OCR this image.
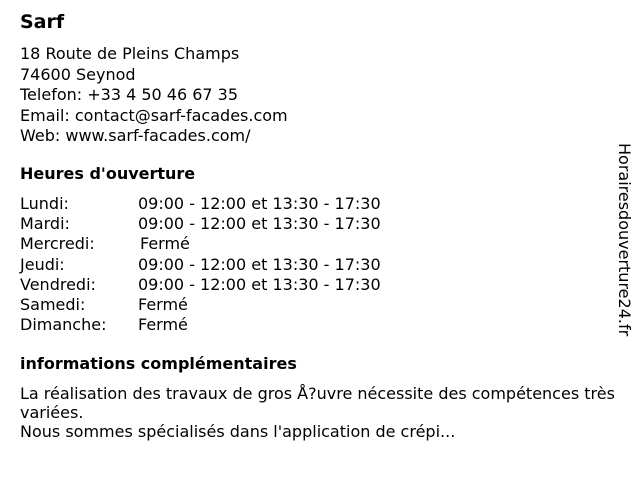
Sarf
18 Route de Pleins Champs
74600 Seynod
Telefon: +33 4 50 46 67 35
Email: contact@sarf-facades.com
Web: www.sarf-facades.com/
Heures d'ouverture
Lundi:	09:00 - 12:00 et 13:30 - 17:30
Mardi:	09:00 - 12:00 et 13:30 - 17:30
Mercredi:	Fermé
Jeudi:	09:00 - 12:00 et 13:30 - 17:30
Vendredi:	09:00 - 12:00 et 13:30 - 17:30
Samedi:	Fermé
Dimanche: Fermé
informations complémentaires
La réalisation des travaux de gros Å?uvre nécessite des compétences très variées.
Nous sommes spécialisés dans l'application de crépi...
Horairesdouverture24.fr
